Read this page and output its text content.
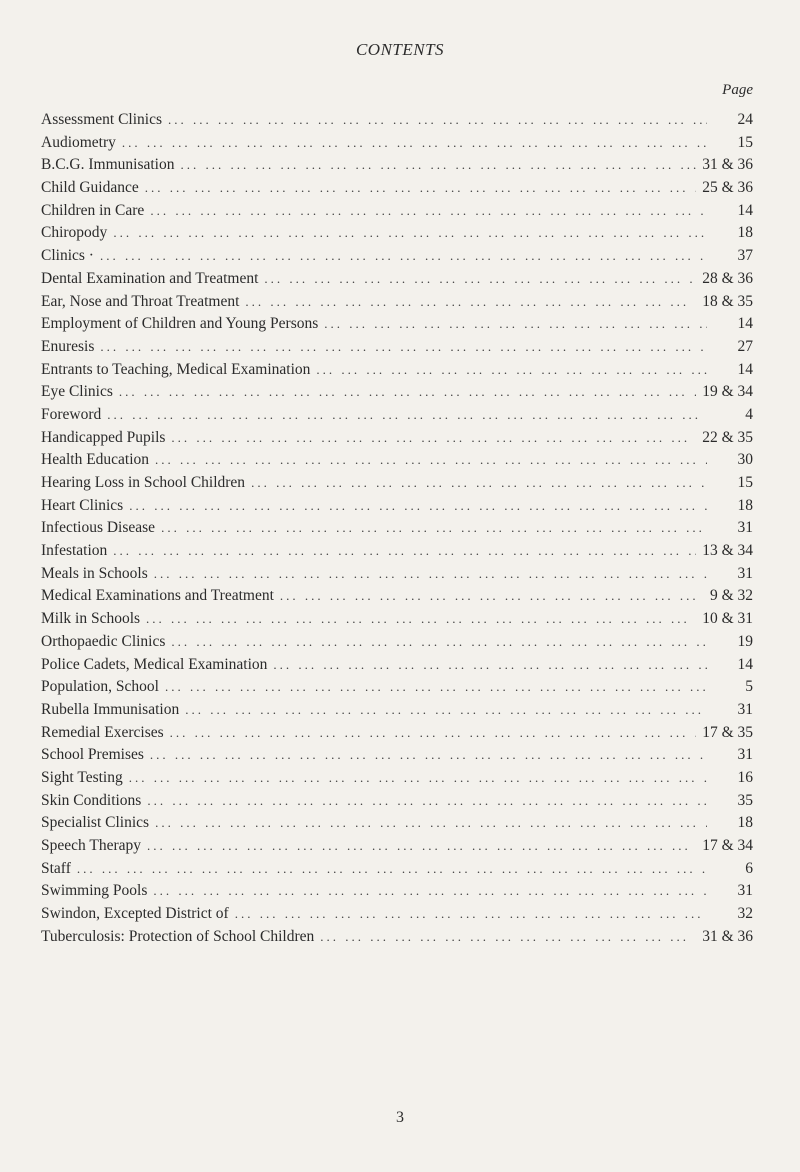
CONTENTS
Page
Assessment Clinics ... .	24
Audiometry ... .	15
B.C.G. Immunisation ... .	31 & 36
Child Guidance ... .	25 & 36
Children in Care ... .	14
Chiropody ... .	18
Clinics · ... .	37
Dental Examination and Treatment ... .	28 & 36
Ear, Nose and Throat Treatment ... .	18 & 35
Employment of Children and Young Persons ... .	14
Enuresis ... .	27
Entrants to Teaching, Medical Examination ... .	14
Eye Clinics ... .	19 & 34
Foreword ... .	4
Handicapped Pupils ... .	22 & 35
Health Education ... .	30
Hearing Loss in School Children ... .	15
Heart Clinics ... .	18
Infectious Disease ... .	31
Infestation ... .	13 & 34
Meals in Schools ... .	31
Medical Examinations and Treatment ... .	9 & 32
Milk in Schools ... .	10 & 31
Orthopaedic Clinics ... .	19
Police Cadets, Medical Examination ... .	14
Population, School ... .	5
Rubella Immunisation ... .	31
Remedial Exercises ... .	17 & 35
School Premises ... .	31
Sight Testing ... .	16
Skin Conditions ... .	35
Specialist Clinics ... .	18
Speech Therapy ... .	17 & 34
Staff ... .	6
Swimming Pools ... .	31
Swindon, Excepted District of ... .	32
Tuberculosis: Protection of School Children ... .	31 & 36
3
